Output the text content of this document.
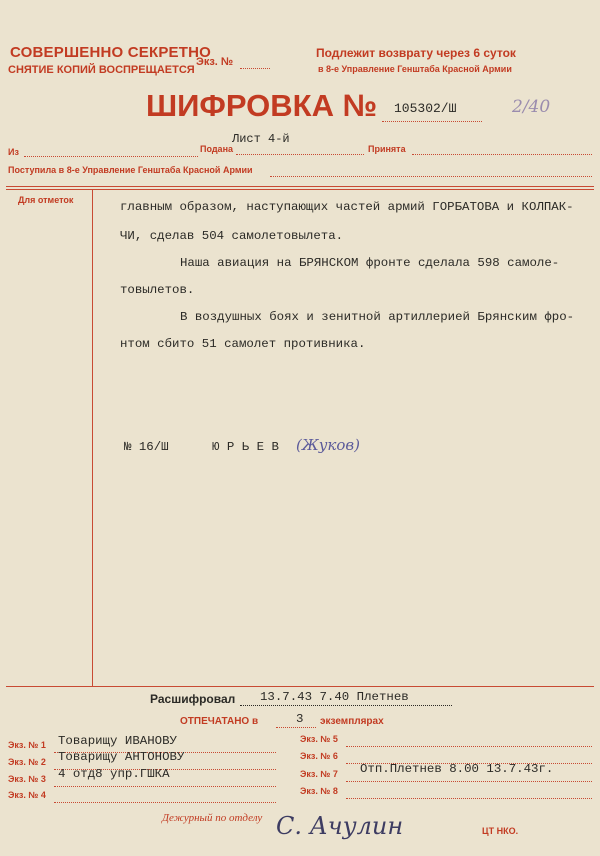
СОВЕРШЕННО СЕКРЕТНО
СНЯТИЕ КОПИЙ ВОСПРЕЩАЕТСЯ
Экз. №
Подлежит возврату через 6 суток
в 8-е Управление Генштаба Красной Армии
ШИФРОВКА № 105302/Ш	2/40
Лист 4-й
Из	Подана	Принята
Поступила в 8-е Управление Генштаба Красной Армии
Для отметок	главным образом, наступающих частей армий ГОРБАТОВА и КОЛПАК-
ЧИ, сделав 504 самолетовылета.
Наша авиация на БРЯНСКОМ фронте сделала 598 самоле-
товылетов.
В воздушных боях и зенитной артиллерией Брянским фро-
нтом сбито 51 самолет противника.
№ 16/Ш	Ю Р Ь Е В (Жуков)
Расшифровал 13.7.43 7.40 Плетнев
ОТПЕЧАТАНО в	3 экземплярах
Экз. № 1 Товарищу ИВАНОВУ
Экз. № 2 Товарищу АНТОНОВУ
Экз. № 3 4 отд8 упр.ГШКА
Экз. № 4
Экз. № 5
Экз. № 6
Экз. № 7 Отп.Плетнев 8.00 13.7.43г.
Экз. № 8
Дежурный по отделу С. Ачулин	ЦТ НКО.
